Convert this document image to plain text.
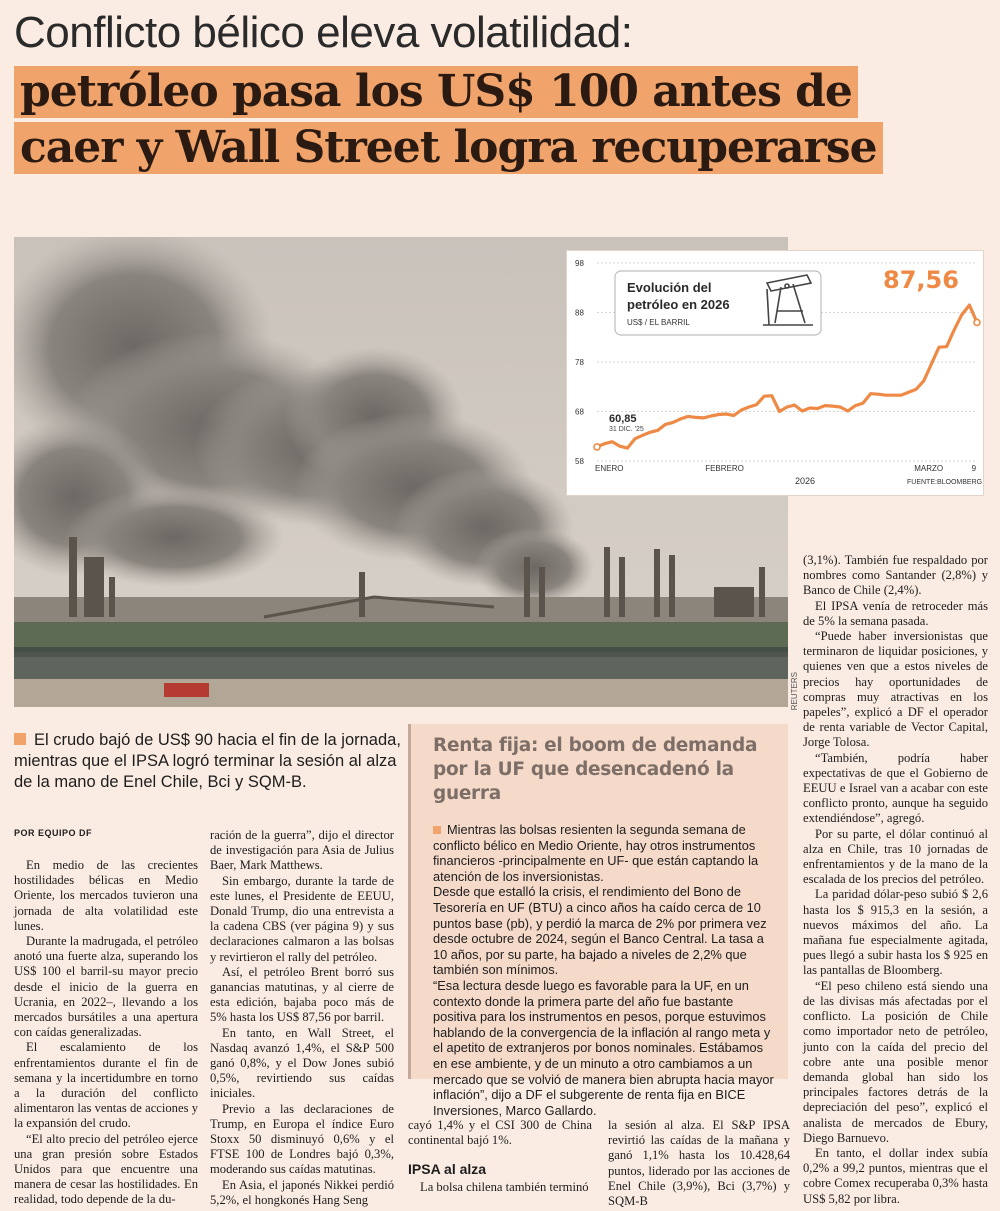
Conflicto bélico eleva volatilidad:
petróleo pasa los US$ 100 antes de
caer y Wall Street logra recuperarse
98
88
78
68
58
ENERO	FEBRERO	MARZO	9
Evolución del
petróleo en 2026
US$ / EL BARRIL
60,85
31 DIC. '25
87,56
2026	FUENTE:BLOOMBERG
REUTERS
El crudo bajó de US$ 90 hacia el fin de la jornada, mientras que el IPSA logró terminar la sesión al alza de la mano de Enel Chile, Bci y SQM-B.
POR EQUIPO DF

En medio de las crecientes hostilidades bélicas en Medio Oriente, los mercados tuvieron una jornada de alta volatilidad este lunes.

Durante la madrugada, el petróleo anotó una fuerte alza, superando los US$ 100 el barril-su mayor precio desde el inicio de la guerra en Ucrania, en 2022–, llevando a los mercados bursátiles a una apertura con caídas generalizadas.

El escalamiento de los enfrentamientos durante el fin de semana y la incertidumbre en torno a la duración del conflicto alimentaron las ventas de acciones y la expansión del crudo.

“El alto precio del petróleo ejerce una gran presión sobre Estados Unidos para que encuentre una manera de cesar las hostilidades. En realidad, todo depende de la du-

ración de la guerra”, dijo el director de investigación para Asia de Julius Baer, Mark Matthews.

Sin embargo, durante la tarde de este lunes, el Presidente de EEUU, Donald Trump, dio una entrevista a la cadena CBS (ver página 9) y sus declaraciones calmaron a las bolsas y revirtieron el rally del petróleo.

Así, el petróleo Brent borró sus ganancias matutinas, y al cierre de esta edición, bajaba poco más de 5% hasta los US$ 87,56 por barril.

En tanto, en Wall Street, el Nasdaq avanzó 1,4%, el S&P 500 ganó 0,8%, y el Dow Jones subió 0,5%, revirtiendo sus caídas iniciales.

Previo a las declaraciones de Trump, en Europa el índice Euro Stoxx 50 disminuyó 0,6% y el FTSE 100 de Londres bajó 0,3%, moderando sus caídas matutinas.

En Asia, el japonés Nikkei perdió 5,2%, el hongkonés Hang Seng

Renta fija: el boom de demanda por la UF que desencadenó la guerra

Mientras las bolsas resienten la segunda semana de conflicto bélico en Medio Oriente, hay otros instrumentos financieros -principalmente en UF- que están captando la atención de los inversionistas.

Desde que estalló la crisis, el rendimiento del Bono de Tesorería en UF (BTU) a cinco años ha caído cerca de 10 puntos base (pb), y perdió la marca de 2% por primera vez desde octubre de 2024, según el Banco Central. La tasa a 10 años, por su parte, ha bajado a niveles de 2,2% que también son mínimos.

“Esa lectura desde luego es favorable para la UF, en un contexto donde la primera parte del año fue bastante positiva para los instrumentos en pesos, porque estuvimos hablando de la convergencia de la inflación al rango meta y el apetito de extranjeros por bonos nominales. Estábamos en ese ambiente, y de un minuto a otro cambiamos a un mercado que se volvió de manera bien abrupta hacia mayor inflación”, dijo a DF el subgerente de renta fija en BICE Inversiones, Marco Gallardo.

cayó 1,4% y el CSI 300 de China continental bajó 1%.

IPSA al alza

La bolsa chilena también terminó

la sesión al alza. El S&P IPSA revirtió las caídas de la mañana y ganó 1,1% hasta los 10.428,64 puntos, liderado por las acciones de Enel Chile (3,9%), Bci (3,7%) y SQM-B

(3,1%). También fue respaldado por nombres como Santander (2,8%) y Banco de Chile (2,4%).

El IPSA venía de retroceder más de 5% la semana pasada.

“Puede haber inversionistas que terminaron de liquidar posiciones, y quienes ven que a estos niveles de precios hay oportunidades de compras muy atractivas en los papeles”, explicó a DF el operador de renta variable de Vector Capital, Jorge Tolosa.

“También, podría haber expectativas de que el Gobierno de EEUU e Israel van a acabar con este conflicto pronto, aunque ha seguido extendiéndose”, agregó.

Por su parte, el dólar continuó al alza en Chile, tras 10 jornadas de enfrentamientos y de la mano de la escalada de los precios del petróleo.

La paridad dólar-peso subió $ 2,6 hasta los $ 915,3 en la sesión, a nuevos máximos del año. La mañana fue especialmente agitada, pues llegó a subir hasta los $ 925 en las pantallas de Bloomberg.

“El peso chileno está siendo una de las divisas más afectadas por el conflicto. La posición de Chile como importador neto de petróleo, junto con la caída del precio del cobre ante una posible menor demanda global han sido los principales factores detrás de la depreciación del peso”, explicó el analista de mercados de Ebury, Diego Barnuevo.

En tanto, el dollar index subía 0,2% a 99,2 puntos, mientras que el cobre Comex recuperaba 0,3% hasta US$ 5,82 por libra.
